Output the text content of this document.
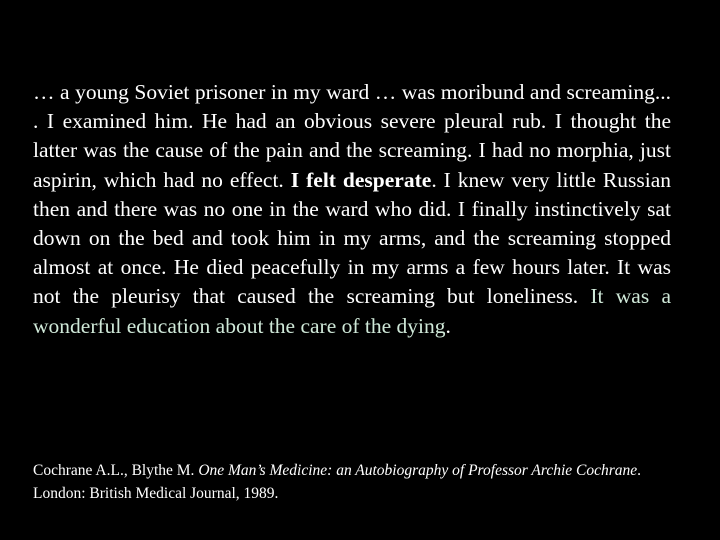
… a young Soviet prisoner in my ward … was moribund and screaming... . I examined him. He had an obvious severe pleural rub. I thought the latter was the cause of the pain and the screaming. I had no morphia, just aspirin, which had no effect. I felt desperate. I knew very little Russian then and there was no one in the ward who did. I finally instinctively sat down on the bed and took him in my arms, and the screaming stopped almost at once. He died peacefully in my arms a few hours later. It was not the pleurisy that caused the screaming but loneliness. It was a wonderful education about the care of the dying.

Cochrane A.L., Blythe M. One Man’s Medicine: an Autobiography of Professor Archie Cochrane. London: British Medical Journal, 1989.
